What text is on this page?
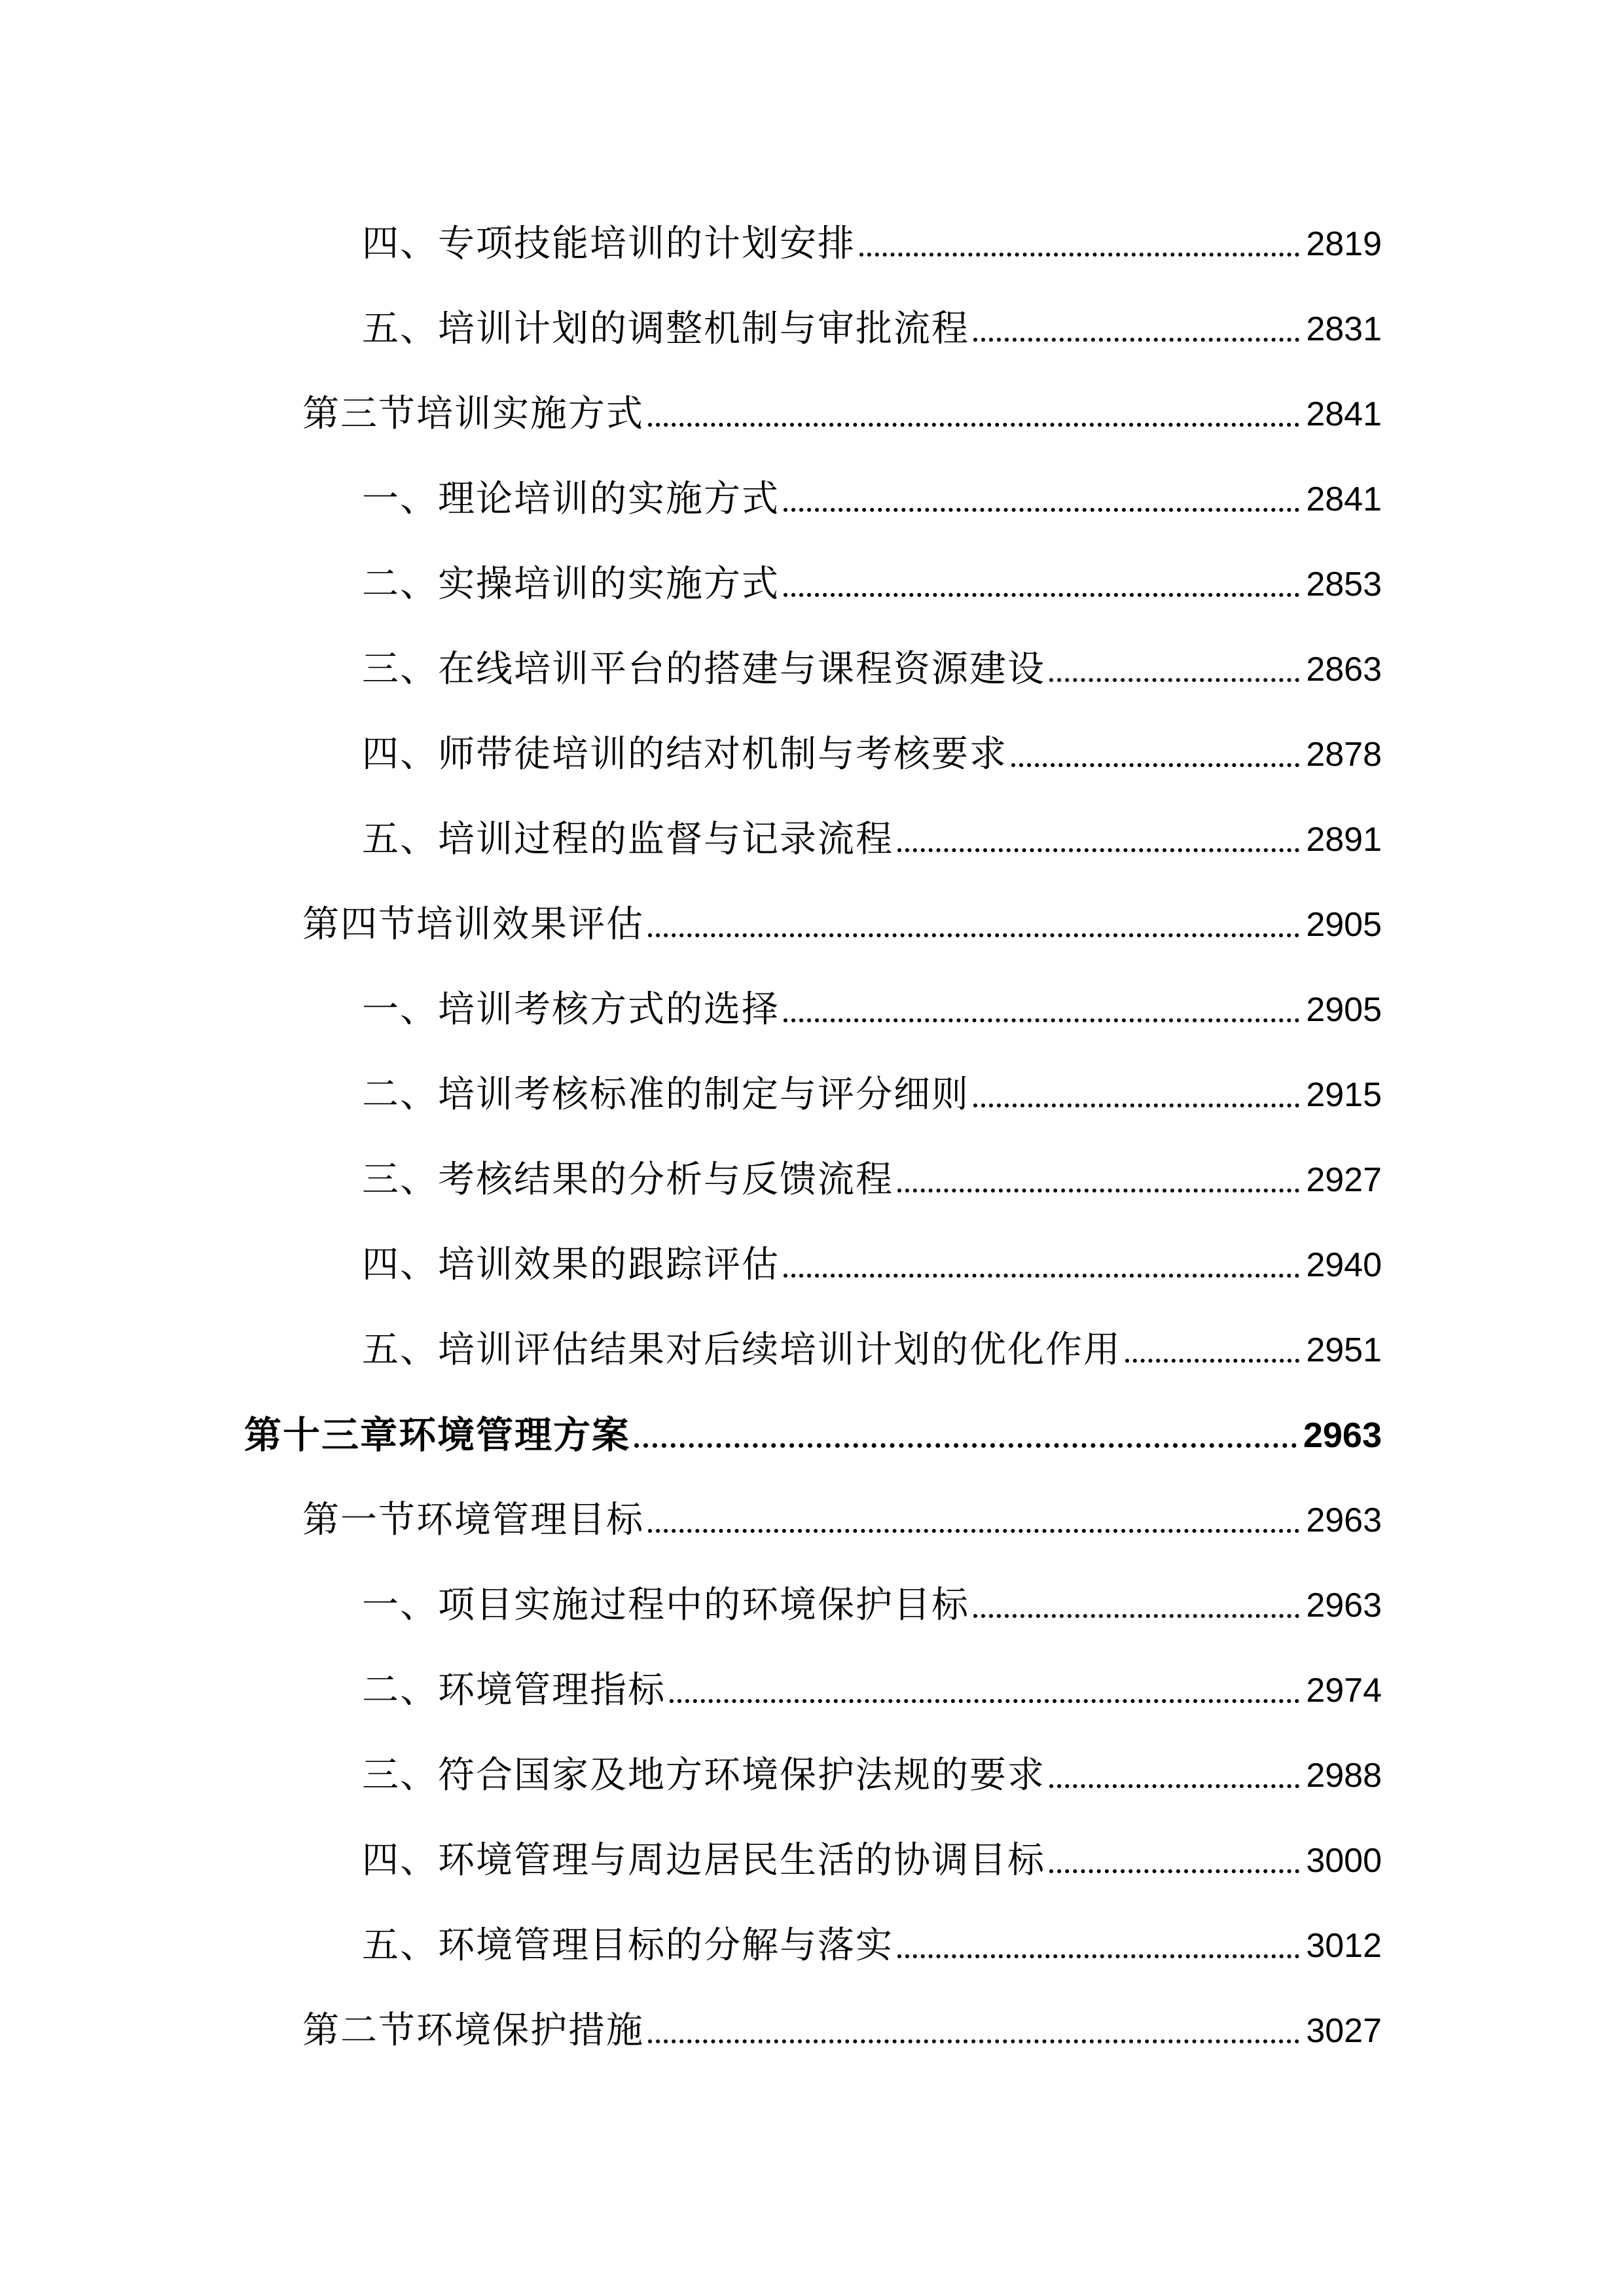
四、专项技能培训的计划安排	2819
五、培训计划的调整机制与审批流程	2831
第三节培训实施方式	2841
一、理论培训的实施方式	2841
二、实操培训的实施方式	2853
三、在线培训平台的搭建与课程资源建设	2863
四、师带徒培训的结对机制与考核要求	2878
五、培训过程的监督与记录流程	2891
第四节培训效果评估	2905
一、培训考核方式的选择	2905
二、培训考核标准的制定与评分细则	2915
三、考核结果的分析与反馈流程	2927
四、培训效果的跟踪评估	2940
五、培训评估结果对后续培训计划的优化作用	2951
第十三章环境管理方案	2963
第一节环境管理目标	2963
一、项目实施过程中的环境保护目标	2963
二、环境管理指标	2974
三、符合国家及地方环境保护法规的要求	2988
四、环境管理与周边居民生活的协调目标	3000
五、环境管理目标的分解与落实	3012
第二节环境保护措施	3027
